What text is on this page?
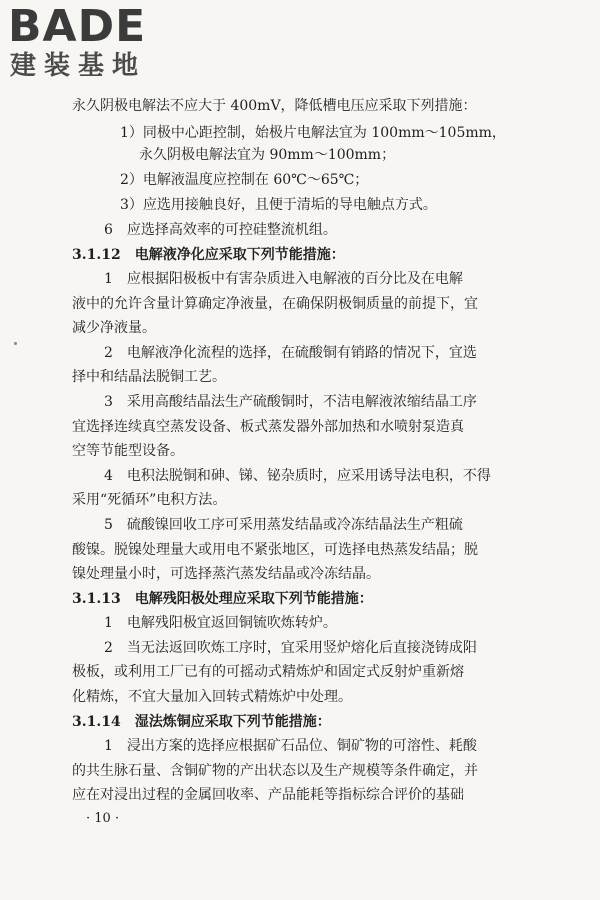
BADE
建装基地
永久阴极电解法不应大于 400mV，降低槽电压应采取下列措施：
1）同极中心距控制，始极片电解法宜为 100mm～105mm，
永久阴极电解法宜为 90mm～100mm；
2）电解液温度应控制在 60℃～65℃；
3）应选用接触良好，且便于清垢的导电触点方式。
6　应选择高效率的可控硅整流机组。
3.1.12　电解液净化应采取下列节能措施：
1　应根据阳极板中有害杂质进入电解液的百分比及在电解
液中的允许含量计算确定净液量，在确保阴极铜质量的前提下，宜
减少净液量。
2　电解液净化流程的选择，在硫酸铜有销路的情况下，宜选
择中和结晶法脱铜工艺。
3　采用高酸结晶法生产硫酸铜时，不洁电解液浓缩结晶工序
宜选择连续真空蒸发设备、板式蒸发器外部加热和水喷射泵造真
空等节能型设备。
4　电积法脱铜和砷、锑、铋杂质时，应采用诱导法电积，不得
采用“死循环”电积方法。
5　硫酸镍回收工序可采用蒸发结晶或冷冻结晶法生产粗硫
酸镍。脱镍处理量大或用电不紧张地区，可选择电热蒸发结晶；脱
镍处理量小时，可选择蒸汽蒸发结晶或冷冻结晶。
3.1.13　电解残阳极处理应采取下列节能措施：
1　电解残阳极宜返回铜锍吹炼转炉。
2　当无法返回吹炼工序时，宜采用竖炉熔化后直接浇铸成阳
极板，或利用工厂已有的可摇动式精炼炉和固定式反射炉重新熔
化精炼，不宜大量加入回转式精炼炉中处理。
3.1.14　湿法炼铜应采取下列节能措施：
1　浸出方案的选择应根据矿石品位、铜矿物的可溶性、耗酸
的共生脉石量、含铜矿物的产出状态以及生产规模等条件确定，并
应在对浸出过程的金属回收率、产品能耗等指标综合评价的基础
· 10 ·
